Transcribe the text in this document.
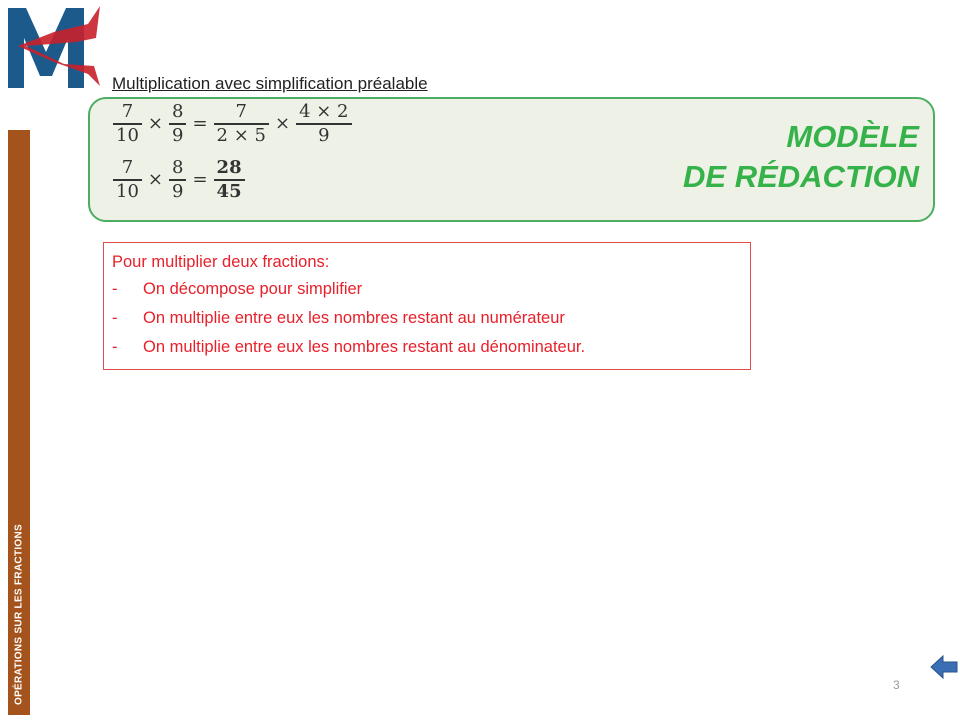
OPÉRATIONS SUR LES FRACTIONS
Multiplication avec simplification préalable
$\frac{7}{10} \times \frac{8}{9} = \frac{7}{2 \times 5} \times \frac{4 \times 2}{9}$
$\frac{7}{10} \times \frac{8}{9} = \frac{28}{45}$
MODÈLE
DE RÉDACTION
Pour multiplier deux fractions:
- On décompose pour simplifier
- On multiplie entre eux les nombres restant au numérateur
- On multiplie entre eux les nombres restant au dénominateur.
3
